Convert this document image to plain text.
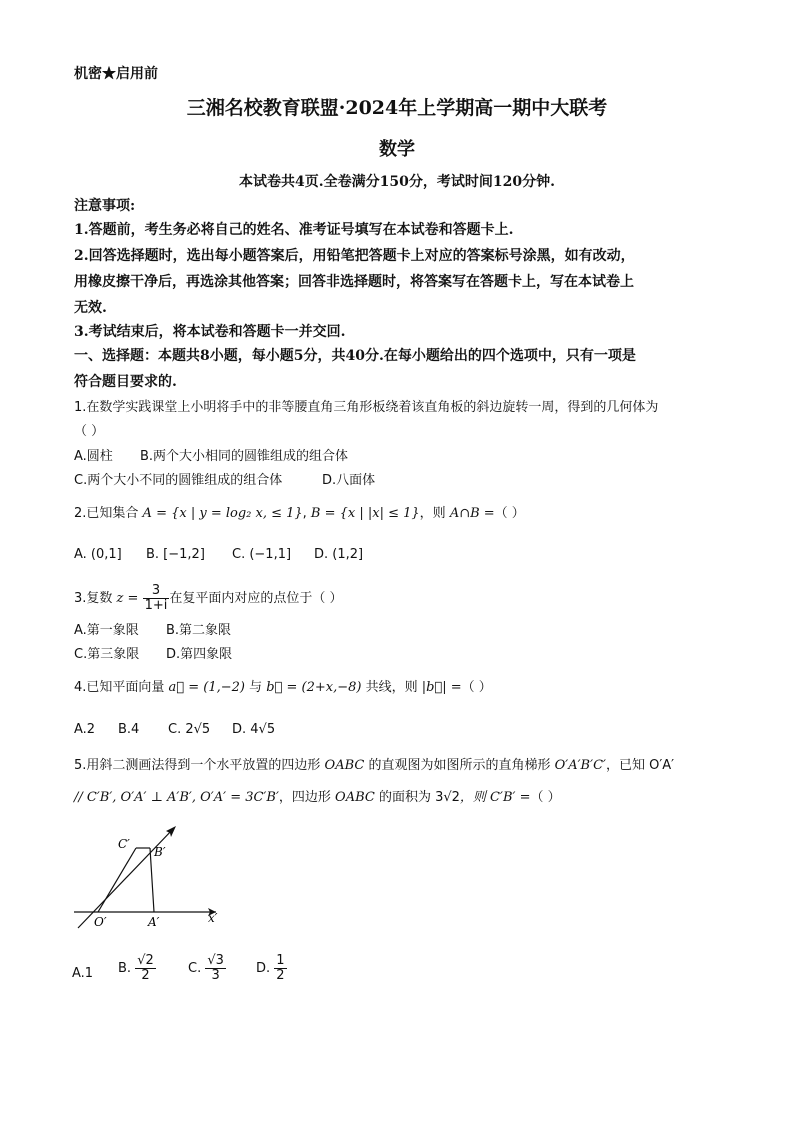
机密★启用前
三湘名校教育联盟·2024年上学期高一期中大联考
数学
本试卷共4页.全卷满分150分，考试时间120分钟.
注意事项:
1.答题前，考生务必将自己的姓名、准考证号填写在本试卷和答题卡上.
2.回答选择题时，选出每小题答案后，用铅笔把答题卡上对应的答案标号涂黑，如有改动，
用橡皮擦干净后，再选涂其他答案；回答非选择题时，将答案写在答题卡上，写在本试卷上
无效.
3.考试结束后，将本试卷和答题卡一并交回.
一、选择题：本题共8小题，每小题5分，共40分.在每小题给出的四个选项中，只有一项是
符合题目要求的.
1.在数学实践课堂上小明将手中的非等腰直角三角形板绕着该直角板的斜边旋转一周，得到的几何体为
（ ）
A.圆柱 B.两个大小相同的圆锥组成的组合体
C.两个大小不同的圆锥组成的组合体	D.八面体
2.已知集合 A = {x | y = log₂ x, ≤ 1}, B = {x | |x| ≤ 1}，则 A∩B =（ ）
A. (0,1] B. [−1,2] C. (−1,1] D. (1,2]
3.复数 $z = \frac{3}{1+i}$ 在复平面内对应的点位于（ ）
A.第一象限 B.第二象限
C.第三象限 D.第四象限
4.已知平面向量 a⃗ = (1,−2) 与 b⃗ = (2+x,−8) 共线，则 |b⃗| =（ ）
A.2 B.4 C. 2√5 D. 4√5
5.用斜二测画法得到一个水平放置的四边形 OABC 的直观图为如图所示的直角梯形 O′A′B′C′，已知 O′A′
// C′B′, O′A′ ⊥ A′B′, O′A′ = 3C′B′，四边形 OABC 的面积为 3√2，则 C′B′ =（ ）
C′
B′
O′	A′	x′
A.1 B. $\frac{√2}{2} C$. $\frac{√3}{3} D$. $\frac{1}{2}$
